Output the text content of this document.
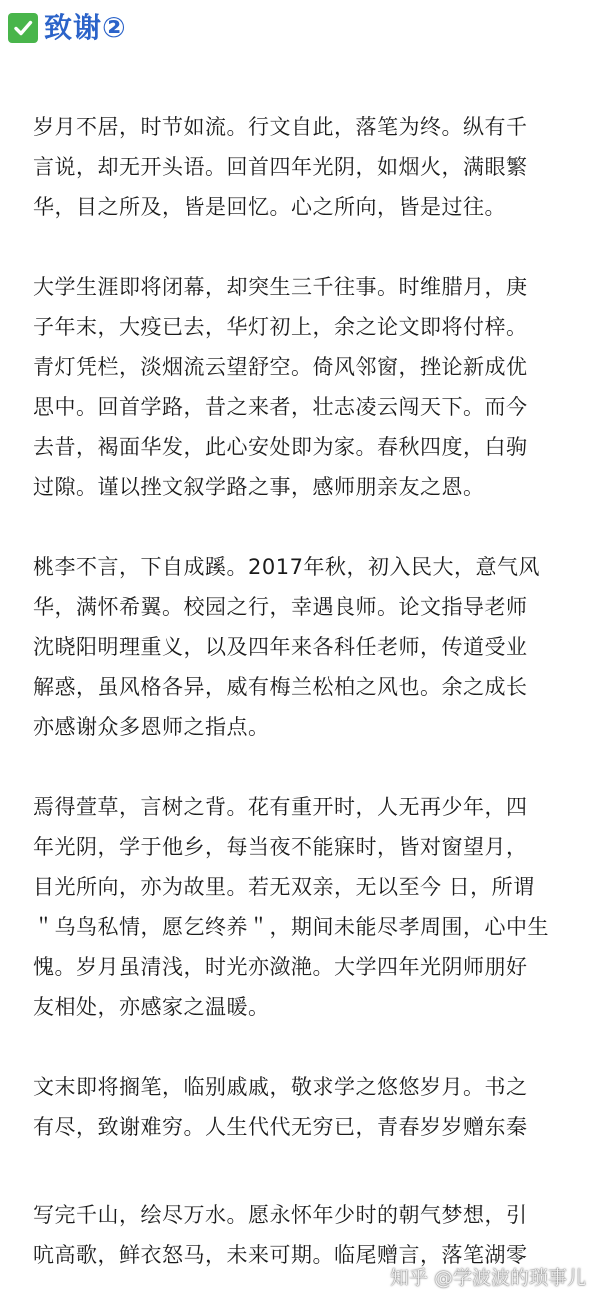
致谢②

岁月不居，时节如流。行文自此，落笔为终。纵有千
言说，却无开头语。回首四年光阴，如烟火，满眼繁
华，目之所及，皆是回忆。心之所向，皆是过往。

大学生涯即将闭幕，却突生三千往事。时维腊月，庚
子年末，大疫已去，华灯初上，余之论文即将付梓。
青灯凭栏，淡烟流云望舒空。倚风邻窗，挫论新成优
思中。回首学路，昔之来者，壮志凌云闯天下。而今
去昔，褐面华发，此心安处即为家。春秋四度，白驹
过隙。谨以挫文叙学路之事，感师朋亲友之恩。

桃李不言，下自成蹊。2017年秋，初入民大，意气风
华，满怀希翼。校园之行，幸遇良师。论文指导老师
沈晓阳明理重义，以及四年来各科任老师，传道受业
解惑，虽风格各异，威有梅兰松柏之风也。余之成长
亦感谢众多恩师之指点。

焉得萱草，言树之背。花有重开时，人无再少年，四
年光阴，学于他乡，每当夜不能寐时，皆对窗望月，
目光所向，亦为故里。若无双亲，无以至今 日，所谓
＂乌鸟私情，愿乞终养＂，期间未能尽孝周围，心中生
愧。岁月虽清浅，时光亦潋滟。大学四年光阴师朋好
友相处，亦感家之温暖。

文末即将搁笔，临别戚戚，敬求学之悠悠岁月。书之
有尽，致谢难穷。人生代代无穷已，青春岁岁赠东秦

写完千山，绘尽万水。愿永怀年少时的朝气梦想，引
吭高歌，鲜衣怒马，未来可期。临尾赠言，落笔湖零

知乎 @学波波的琐事儿
